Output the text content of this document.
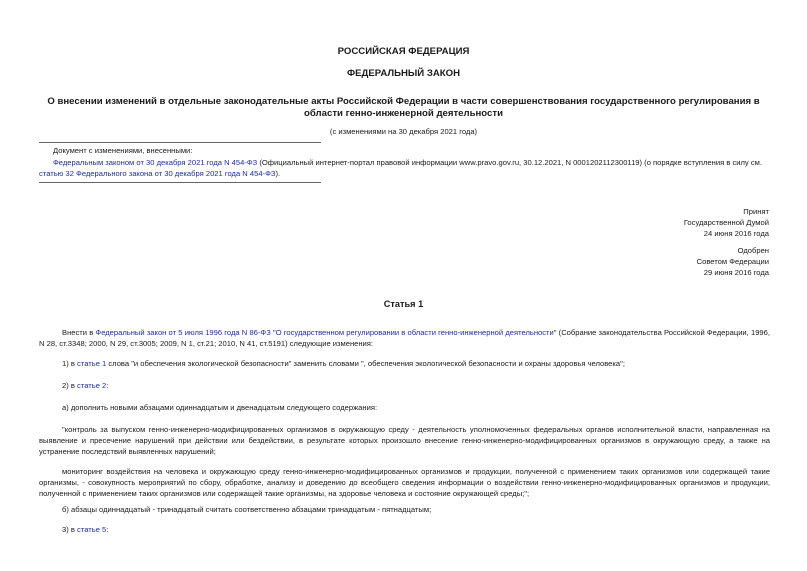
РОССИЙСКАЯ ФЕДЕРАЦИЯ
ФЕДЕРАЛЬНЫЙ ЗАКОН
О внесении изменений в отдельные законодательные акты Российской Федерации в части совершенствования государственного регулирования в области генно-инженерной деятельности
(с изменениями на 30 декабря 2021 года)
Документ с изменениями, внесенными:
Федеральным законом от 30 декабря 2021 года N 454-ФЗ (Официальный интернет-портал правовой информации www.pravo.gov.ru, 30.12.2021, N 0001202112300119) (о порядке вступления в силу см. статью 32 Федерального закона от 30 декабря 2021 года N 454-ФЗ).
Принят
Государственной Думой
24 июня 2016 года
Одобрен
Советом Федерации
29 июня 2016 года
Статья 1
Внести в Федеральный закон от 5 июля 1996 года N 86-ФЗ "О государственном регулировании в области генно-инженерной деятельности" (Собрание законодательства Российской Федерации, 1996, N 28, ст.3348; 2000, N 29, ст.3005; 2009, N 1, ст.21; 2010, N 41, ст.5191) следующие изменения:
1) в статье 1 слова "и обеспечения экологической безопасности" заменить словами ", обеспечения экологической безопасности и охраны здоровья человека";
2) в статье 2:
а) дополнить новыми абзацами одиннадцатым и двенадцатым следующего содержания:
"контроль за выпуском генно-инженерно-модифицированных организмов в окружающую среду - деятельность уполномоченных федеральных органов исполнительной власти, направленная на выявление и пресечение нарушений при действии или бездействии, в результате которых произошло внесение генно-инженерно-модифицированных организмов в окружающую среду, а также на устранение последствий выявленных нарушений;
мониторинг воздействия на человека и окружающую среду генно-инженерно-модифицированных организмов и продукции, полученной с применением таких организмов или содержащей такие организмы, - совокупность мероприятий по сбору, обработке, анализу и доведению до всеобщего сведения информации о воздействии генно-инженерно-модифицированных организмов и продукции, полученной с применением таких организмов или содержащей такие организмы, на здоровье человека и состояние окружающей среды;";
б) абзацы одиннадцатый - тринадцатый считать соответственно абзацами тринадцатым - пятнадцатым;
3) в статье 5:
